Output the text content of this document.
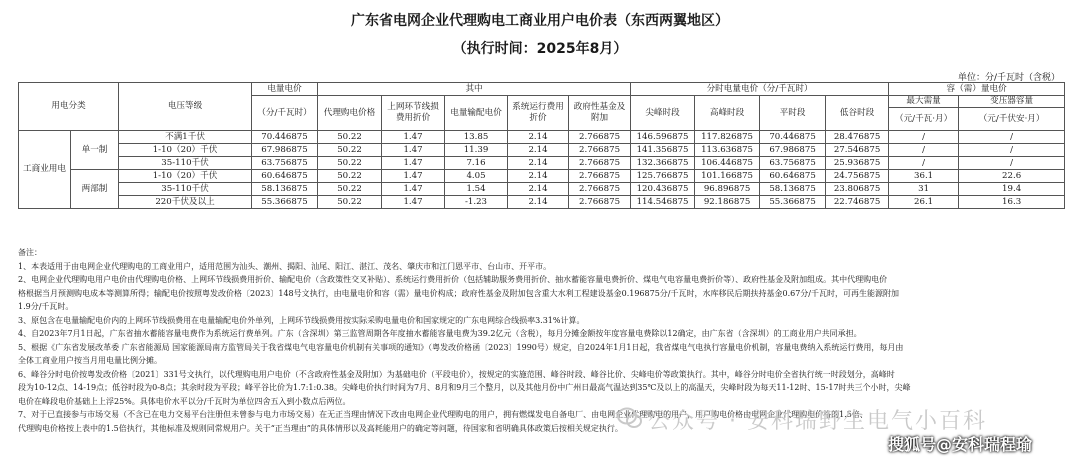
广东省电网企业代理购电工商业用户电价表（东西两翼地区）
（执行时间：2025年8月）
单位：分/千瓦时（含税）
用电分类		电压等级	电量电价	其中					分时电量电价（分/千瓦时）				容（需）量电价	
			（分/千瓦时）	代理购电价格	上网环节线损费用折价	电量输配电价	系统运行费用折价	政府性基金及附加	尖峰时段	高峰时段	平时段	低谷时段	最大需量	变压器容量
													（元/千瓦·月）	（元/千伏安·月）
工商业用电	单一制	不满1千伏	70.446875	50.22	1.47	13.85	2.14	2.766875	146.596875	117.826875	70.446875	28.476875	/	/
		1-10（20）千伏	67.986875	50.22	1.47	11.39	2.14	2.766875	141.356875	113.636875	67.986875	27.546875	/	/
		35-110千伏	63.756875	50.22	1.47	7.16	2.14	2.766875	132.366875	106.446875	63.756875	25.936875	/	/
	两部制	1-10（20）千伏	60.646875	50.22	1.47	4.05	2.14	2.766875	125.766875	101.166875	60.646875	24.756875	36.1	22.6
		35-110千伏	58.136875	50.22	1.47	1.54	2.14	2.766875	120.436875	96.896875	58.136875	23.806875	31	19.4
		220千伏及以上	55.366875	50.22	1.47	-1.23	2.14	2.766875	114.546875	92.186875	55.366875	22.746875	26.1	16.3
备注：
1、本表适用于由电网企业代理购电的工商业用户，适用范围为汕头、潮州、揭阳、汕尾、阳江、湛江、茂名、肇庆市和江门恩平市、台山市、开平市。
2、电网企业代理购电用户电价由代理购电价格、上网环节线损费用折价、输配电价（含政策性交叉补贴）、系统运行费用折价（包括辅助服务费用折价、抽水蓄能容量电费折价、煤电气电容量电费折价等）、政府性基金及附加组成。其中代理购电价
格根据当月预测购电成本等测算所得；输配电价按照粤发改价格〔2023〕148号文执行，由电量电价和容（需）量电价构成；政府性基金及附加包含重大水利工程建设基金0.196875分/千瓦时，水库移民后期扶持基金0.67分/千瓦时，可再生能源附加
1.9分/千瓦时。
3、原包含在电量输配电价内的上网环节线损费用在电量输配电价外单列，上网环节线损费用按实际采购电量电价和国家规定的广东电网综合线损率3.31%计算。
4、自2023年7月1日起，广东省抽水蓄能容量电费作为系统运行费单列。广东（含深圳）第三监管周期各年度抽水蓄能容量电费为39.2亿元（含税），每月分摊金额按年度容量电费除以12确定，由广东省（含深圳）的工商业用户共同承担。
5、根据《广东省发展改革委 广东省能源局 国家能源局南方监管局关于我省煤电气电容量电价机制有关事项的通知》（粤发改价格函〔2023〕1990号）规定，自2024年1月1日起，我省煤电气电执行容量电价机制，容量电费纳入系统运行费用，每月由
全体工商业用户按当月用电量比例分摊。
6、峰谷分时电价按粤发改价格〔2021〕331号文执行，以代理购电用户电价（不含政府性基金及附加）为基础电价（平段电价），按规定的实施范围、峰谷时段、峰谷比价、尖峰电价等政策执行。其中，峰谷分时电价全省执行统一时段划分，高峰时
段为10-12点、14-19点；低谷时段为0-8点；其余时段为平段；峰平谷比价为1.7:1:0.38。尖峰电价执行时间为7月、8月和9月三个整月，以及其他月份中广州日最高气温达到35℃及以上的高温天，尖峰时段为每天11-12时、15-17时共三个小时，尖峰
电价在峰段电价基础上上浮25%。具体电价水平以分/千瓦时为单位四舍五入到小数点后两位。
7、对于已直接参与市场交易（不含已在电力交易平台注册但未曾参与电力市场交易）在无正当理由情况下改由电网企业代理购电的用户，拥有燃煤发电自备电厂、由电网企业代理购电的用户，用户购电价格由电网企业代理购电价格的1.5倍、
代理购电价格按上表中的1.5倍执行，其他标准及规则同常规用户。关于“正当理由”的具体情形以及高耗能用户的确定等问题，待国家和省明确具体政策后按相关规定执行。	公众号 · 安科瑞野生电气小百科
搜狐号@安科瑞程瑜
